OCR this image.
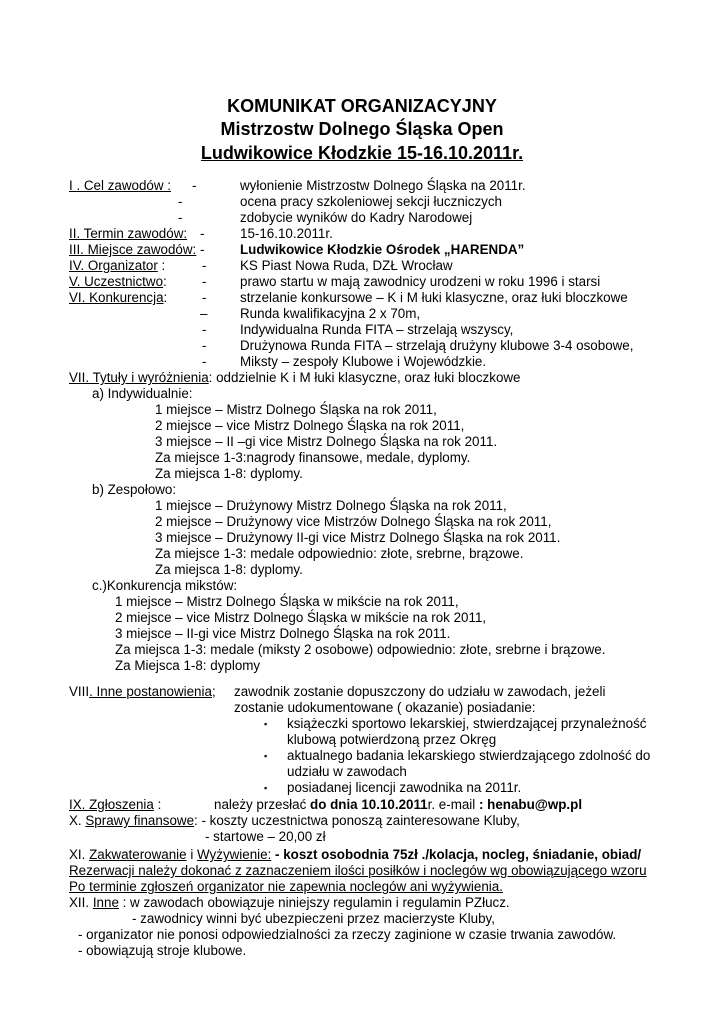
KOMUNIKAT ORGANIZACYJNY
Mistrzostw Dolnego Śląska Open
Ludwikowice Kłodzkie 15-16.10.2011r.
I . Cel zawodów : -	wyłonienie Mistrzostw Dolnego Śląska na 2011r.
-	ocena pracy szkoleniowej sekcji łuczniczych
-	zdobycie wyników do Kadry Narodowej
II. Termin zawodów: -	15-16.10.2011r.
III. Miejsce zawodów: -	Ludwikowice Kłodzkie Ośrodek „HARENDA”
IV. Organizator :	-	KS Piast Nowa Ruda, DZŁ Wrocław
V. Uczestnictwo:	-	prawo startu w mają zawodnicy urodzeni w roku 1996 i starsi
VI. Konkurencja:	-	strzelanie konkursowe – K i M łuki klasyczne, oraz łuki bloczkowe
– Runda kwalifikacyjna 2 x 70m,
-	Indywidualna Runda FITA – strzelają wszyscy,
-	Drużynowa Runda FITA – strzelają drużyny klubowe 3-4 osobowe,
-	Miksty – zespoły Klubowe i Wojewódzkie.
VII. Tytuły i wyróżnienia: oddzielnie K i M łuki klasyczne, oraz łuki bloczkowe
a) Indywidualnie:
1 miejsce – Mistrz Dolnego Śląska na rok 2011,
2 miejsce – vice Mistrz Dolnego Śląska na rok 2011,
3 miejsce – II –gi vice Mistrz Dolnego Śląska na rok 2011.
Za miejsce 1-3:nagrody finansowe, medale, dyplomy.
Za miejsca 1-8: dyplomy.
b) Zespołowo:
1 miejsce – Drużynowy Mistrz Dolnego Śląska na rok 2011,
2 miejsce – Drużynowy vice Mistrzów Dolnego Śląska na rok 2011,
3 miejsce – Drużynowy II-gi vice Mistrz Dolnego Śląska na rok 2011.
Za miejsce 1-3: medale odpowiednio: złote, srebrne, brązowe.
Za miejsca 1-8: dyplomy.
c.)Konkurencja mikstów:
1 miejsce – Mistrz Dolnego Śląska w mikście na rok 2011,
2 miejsce – vice Mistrz Dolnego Śląska w mikście na rok 2011,
3 miejsce – II-gi vice Mistrz Dolnego Śląska na rok 2011.
Za miejsca 1-3: medale (miksty 2 osobowe) odpowiednio: złote, srebrne i brązowe.
Za Miejsca 1-8: dyplomy
VIII. Inne postanowienia; zawodnik zostanie dopuszczony do udziału w zawodach, jeżeli
zostanie udokumentowane ( okazanie) posiadanie:
▪ książeczki sportowo lekarskiej, stwierdzającej przynależność
klubową potwierdzoną przez Okręg
▪ aktualnego badania lekarskiego stwierdzającego zdolność do
udziału w zawodach
▪ posiadanej licencji zawodnika na 2011r.
IX. Zgłoszenia :	należy przesłać do dnia 10.10.2011r. e-mail : henabu@wp.pl
X. Sprawy finansowe: - koszty uczestnictwa ponoszą zainteresowane Kluby,
- startowe – 20,00 zł
XI. Zakwaterowanie i Wyżywienie: - koszt osobodnia 75zł ./kolacja, nocleg, śniadanie, obiad/
Rezerwacji należy dokonać z zaznaczeniem ilości posiłków i noclegów wg obowiązującego wzoru
Po terminie zgłoszeń organizator nie zapewnia noclegów ani wyżywienia.
XII. Inne : w zawodach obowiązuje niniejszy regulamin i regulamin PZłucz.
- zawodnicy winni być ubezpieczeni przez macierzyste Kluby,
- organizator nie ponosi odpowiedzialności za rzeczy zaginione w czasie trwania zawodów.
- obowiązują stroje klubowe.
